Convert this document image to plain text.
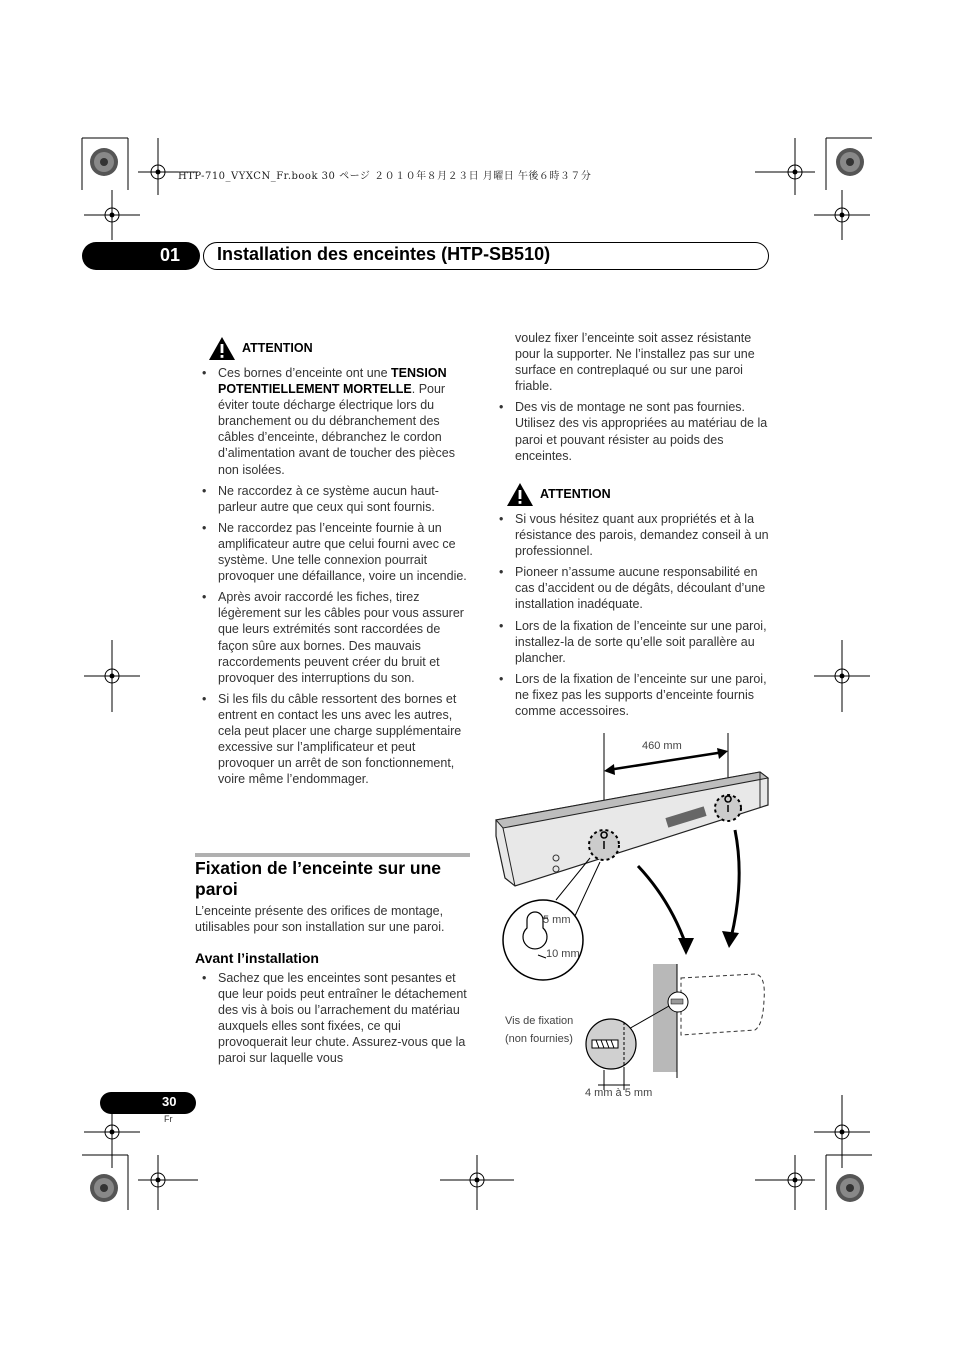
HTP-710_VYXCN_Fr.book 30 ページ ２０１０年８月２３日 月曜日 午後６時３７分
01 Installation des enceintes (HTP-SB510)
ATTENTION
• Ces bornes d’enceinte ont une TENSION POTENTIELLEMENT MORTELLE. Pour éviter toute décharge électrique lors du branchement ou du débranchement des câbles d’enceinte, débranchez le cordon d’alimentation avant de toucher des pièces non isolées.
• Ne raccordez à ce système aucun haut-parleur autre que ceux qui sont fournis.
• Ne raccordez pas l’enceinte fournie à un amplificateur autre que celui fourni avec ce système. Une telle connexion pourrait provoquer une défaillance, voire un incendie.
• Après avoir raccordé les fiches, tirez légèrement sur les câbles pour vous assurer que leurs extrémités sont raccordées de façon sûre aux bornes. Des mauvais raccordements peuvent créer du bruit et provoquer des interruptions du son.
• Si les fils du câble ressortent des bornes et entrent en contact les uns avec les autres, cela peut placer une charge supplémentaire excessive sur l’amplificateur et peut provoquer un arrêt de son fonctionnement, voire même l’endommager.
Fixation de l’enceinte sur une paroi

L’enceinte présente des orifices de montage, utilisables pour son installation sur une paroi.

Avant l’installation
• Sachez que les enceintes sont pesantes et que leur poids peut entraîner le détachement des vis à bois ou l’arrachement du matériau auxquels elles sont fixées, ce qui provoquerait leur chute. Assurez-vous que la paroi sur laquelle vous

voulez fixer l’enceinte soit assez résistante pour la supporter. Ne l’installez pas sur une surface en contreplaqué ou sur une paroi friable.

• Des vis de montage ne sont pas fournies. Utilisez des vis appropriées au matériau de la paroi et pouvant résister au poids des enceintes.
ATTENTION
• Si vous hésitez quant aux propriétés et à la résistance des parois, demandez conseil à un professionnel.
• Pioneer n’assume aucune responsabilité en cas d’accident ou de dégâts, découlant d’une installation inadéquate.
• Lors de la fixation de l’enceinte sur une paroi, installez-la de sorte qu’elle soit parallère au plancher.
• Lors de la fixation de l’enceinte sur une paroi, ne fixez pas les supports d’enceinte fournis comme accessoires.
460 mm
5 mm
10 mm
Vis de fixation
(non fournies)
4 mm à 5 mm
30
Fr
